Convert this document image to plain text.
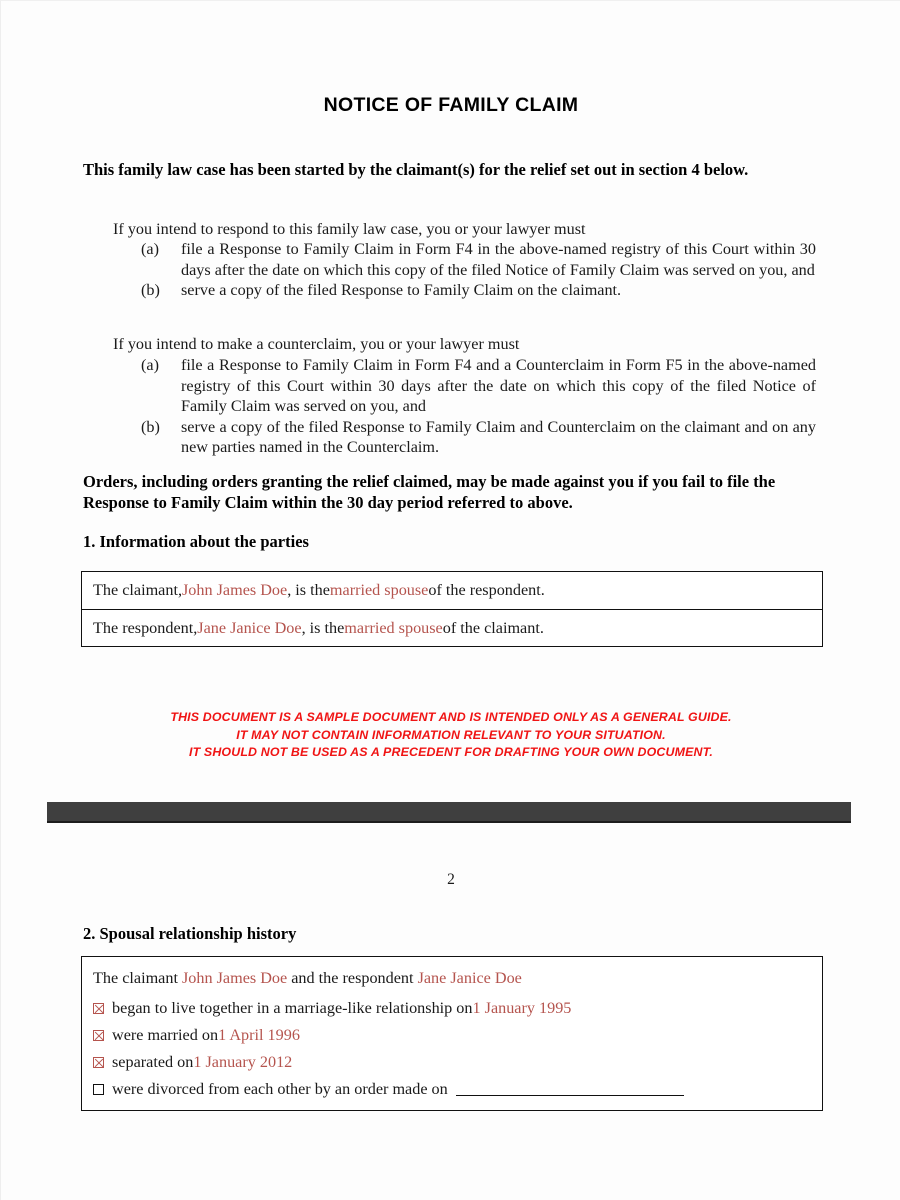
NOTICE OF FAMILY CLAIM
This family law case has been started by the claimant(s) for the relief set out in section 4 below.
If you intend to respond to this family law case, you or your lawyer must
(a)	file a Response to Family Claim in Form F4 in the above-named registry of this Court within 30 days after the date on which this copy of the filed Notice of Family Claim was served on you, and
(b)	serve a copy of the filed Response to Family Claim on the claimant.
If you intend to make a counterclaim, you or your lawyer must
(a)	file a Response to Family Claim in Form F4 and a Counterclaim in Form F5 in the above-named registry of this Court within 30 days after the date on which this copy of the filed Notice of Family Claim was served on you, and
(b)	serve a copy of the filed Response to Family Claim and Counterclaim on the claimant and on any new parties named in the Counterclaim.
Orders, including orders granting the relief claimed, may be made against you if you fail to file the Response to Family Claim within the 30 day period referred to above.
1. Information about the parties
The claimant, John James Doe , is the married spouse of the respondent.
The respondent, Jane Janice Doe , is the married spouse of the claimant.
THIS DOCUMENT IS A SAMPLE DOCUMENT AND IS INTENDED ONLY AS A GENERAL GUIDE.
IT MAY NOT CONTAIN INFORMATION RELEVANT TO YOUR SITUATION.
IT SHOULD NOT BE USED AS A PRECEDENT FOR DRAFTING YOUR OWN DOCUMENT.
2
2. Spousal relationship history
The claimant John James Doe and the respondent Jane Janice Doe
began to live together in a marriage-like relationship on 1 January 1995
were married on 1 April 1996
separated on 1 January 2012
were divorced from each other by an order made on
